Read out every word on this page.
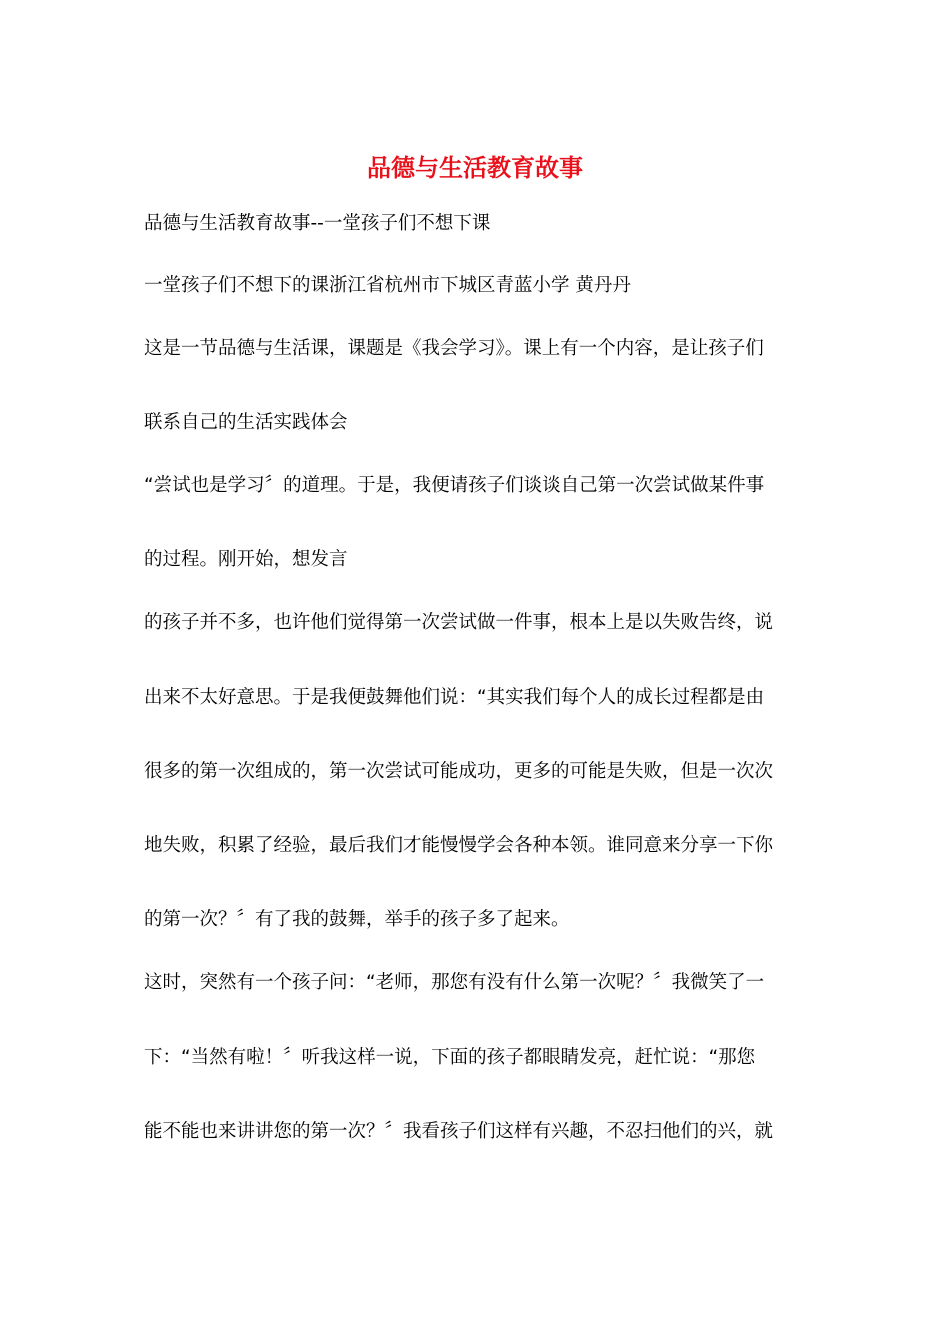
品德与生活教育故事
品德与生活教育故事--一堂孩子们不想下课
一堂孩子们不想下的课浙江省杭州市下城区青蓝小学 黄丹丹
这是一节品德与生活课，课题是《我会学习》。课上有一个内容，是让孩子们
联系自己的生活实践体会
“尝试也是学习〞的道理。于是，我便请孩子们谈谈自己第一次尝试做某件事
的过程。刚开始，想发言
的孩子并不多，也许他们觉得第一次尝试做一件事，根本上是以失败告终，说
出来不太好意思。于是我便鼓舞他们说：“其实我们每个人的成长过程都是由
很多的第一次组成的，第一次尝试可能成功，更多的可能是失败，但是一次次
地失败，积累了经验，最后我们才能慢慢学会各种本领。谁同意来分享一下你
的第一次？〞有了我的鼓舞，举手的孩子多了起来。
这时，突然有一个孩子问：“老师，那您有没有什么第一次呢？〞我微笑了一
下：“当然有啦！〞听我这样一说，下面的孩子都眼睛发亮，赶忙说：“那您
能不能也来讲讲您的第一次？〞我看孩子们这样有兴趣，不忍扫他们的兴，就
